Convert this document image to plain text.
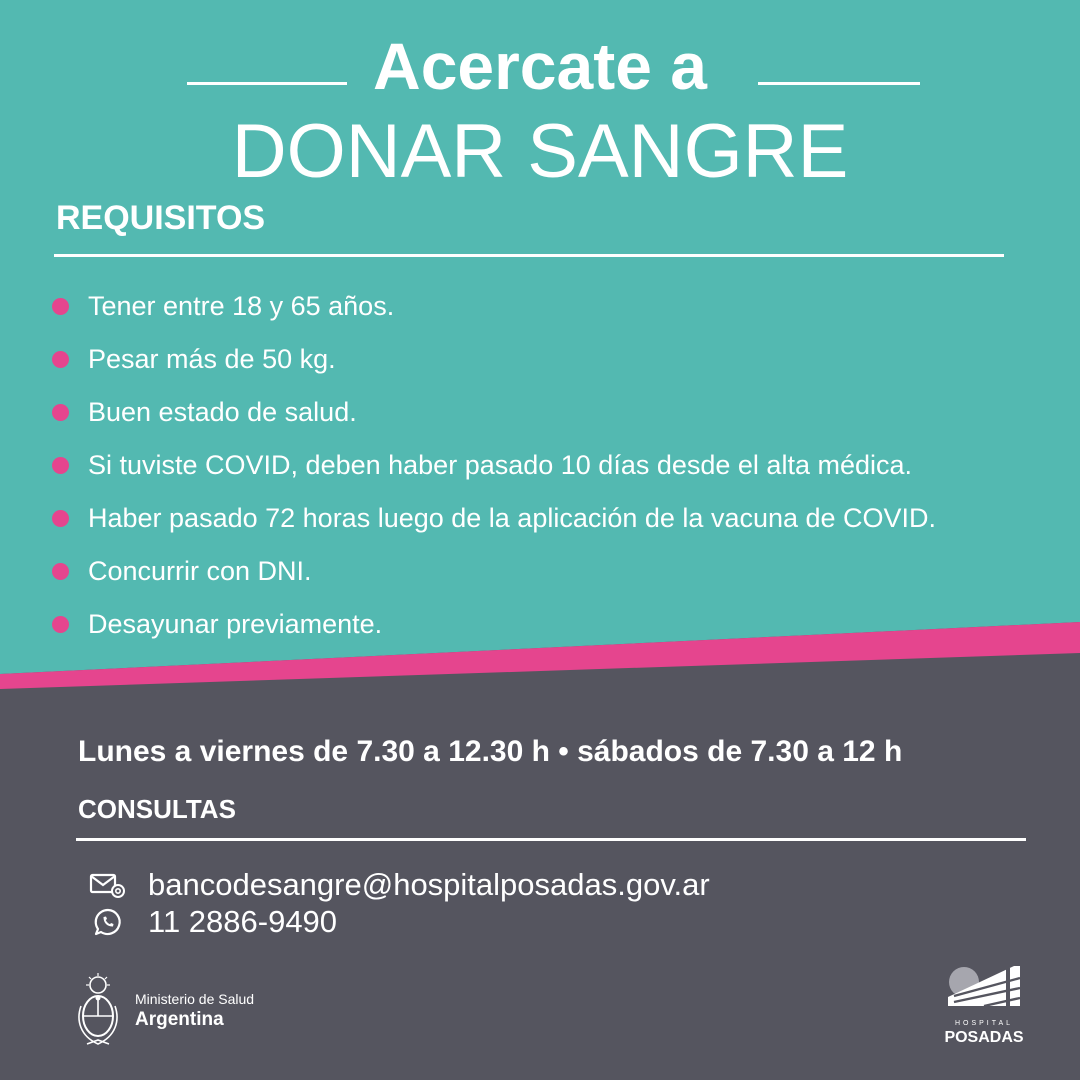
Acercate a
DONAR SANGRE
REQUISITOS
Tener entre 18 y 65 años.
Pesar más de 50 kg.
Buen estado de salud.
Si tuviste COVID, deben haber pasado 10 días desde el alta médica.
Haber pasado 72 horas luego de la aplicación de la vacuna de COVID.
Concurrir con DNI.
Desayunar previamente.
Lunes a viernes de 7.30 a 12.30 h • sábados de 7.30 a 12 h
CONSULTAS
bancodesangre@hospitalposadas.gov.ar
11 2886-9490
Ministerio de Salud
Argentina	HOSPITAL
POSADAS
